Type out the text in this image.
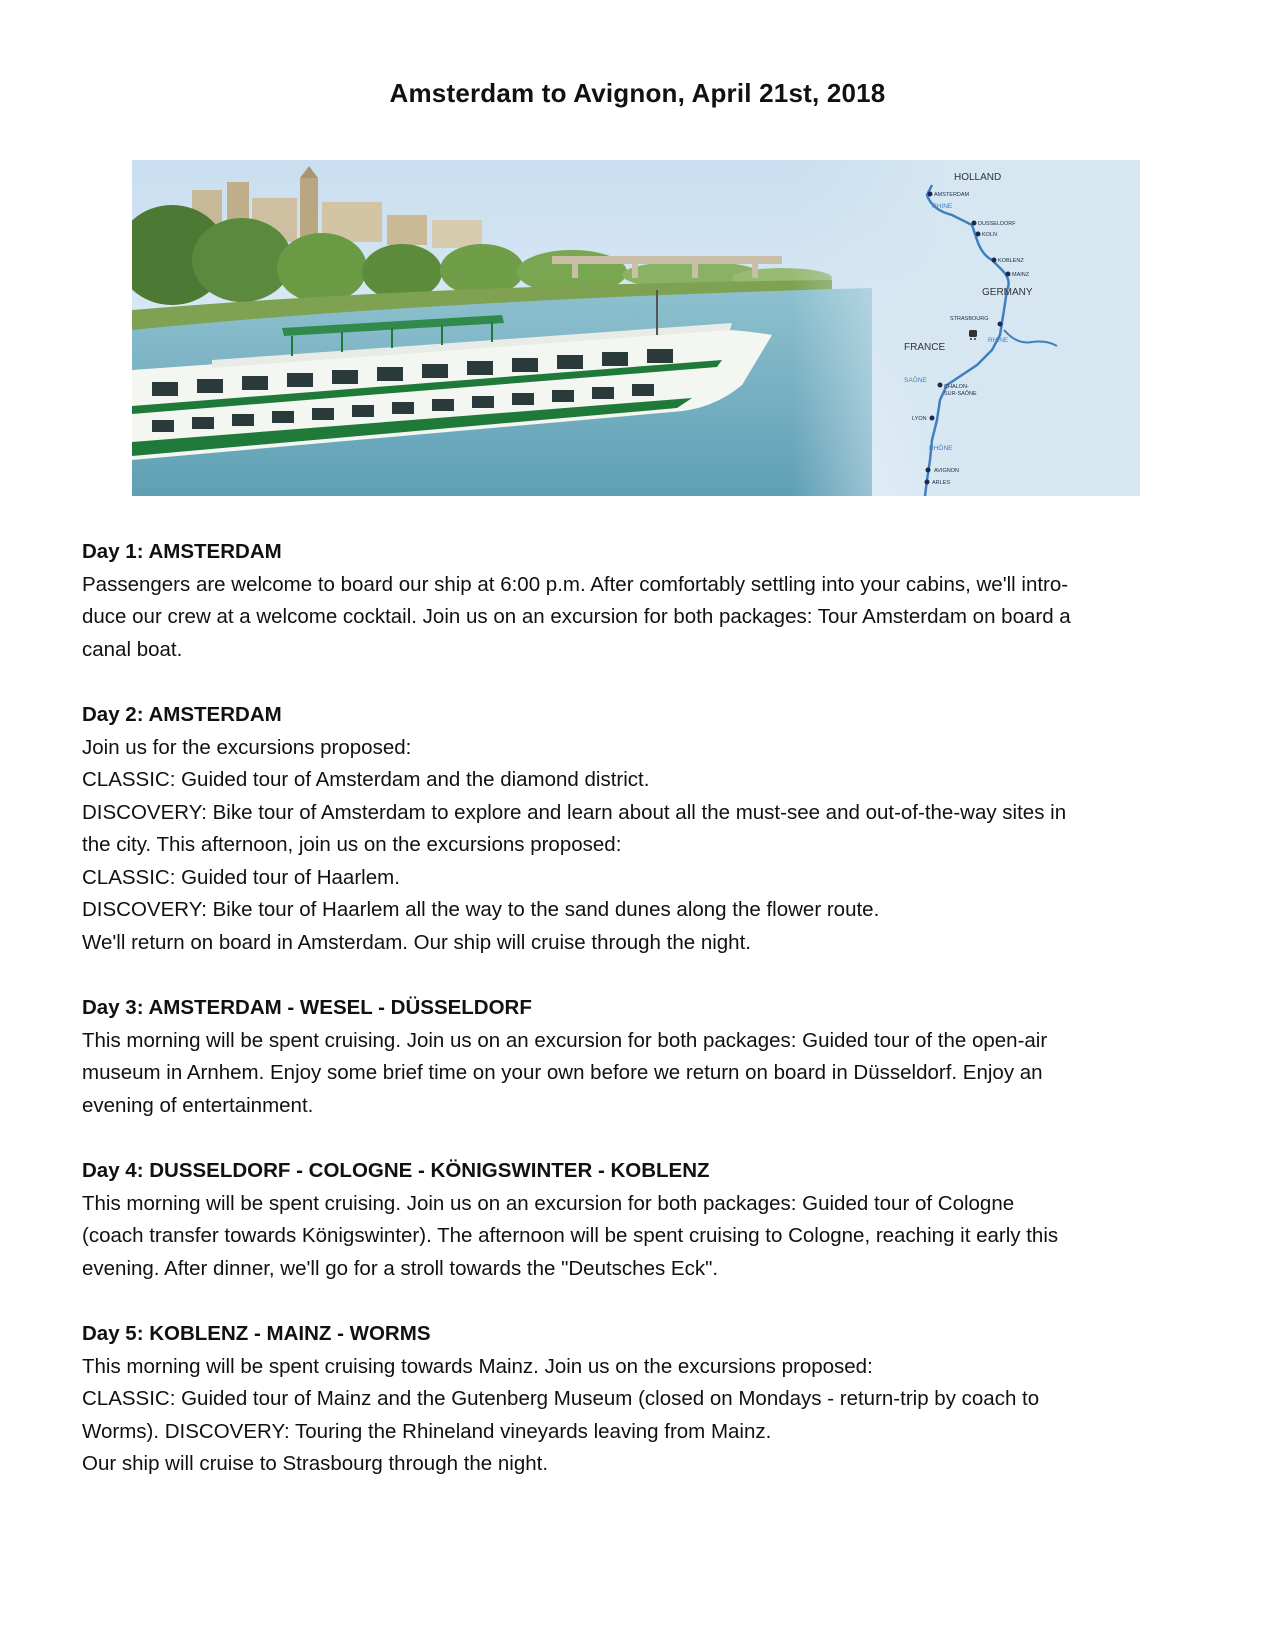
Amsterdam to Avignon, April 21st, 2018
HOLLAND
GERMANY
FRANCE
RHINE
RHINE
SAÔNE
RHÔNE
AMSTERDAM
DUSSELDORF
KOLN
KOBLENZ
MAINZ
STRASBOURG
CHALON-
SUR-SAÔNE
LYON
AVIGNON
ARLES
Day 1: AMSTERDAM

Passengers are welcome to board our ship at 6:00 p.m. After comfortably settling into your cabins, we'll intro-

duce our crew at a welcome cocktail. Join us on an excursion for both packages: Tour Amsterdam on board a

canal boat.

Day 2: AMSTERDAM

Join us for the excursions proposed:

CLASSIC: Guided tour of Amsterdam and the diamond district.

DISCOVERY: Bike tour of Amsterdam to explore and learn about all the must-see and out-of-the-way sites in

the city. This afternoon, join us on the excursions proposed:

CLASSIC: Guided tour of Haarlem.

DISCOVERY: Bike tour of Haarlem all the way to the sand dunes along the flower route.

We'll return on board in Amsterdam. Our ship will cruise through the night.

Day 3: AMSTERDAM - WESEL - DÜSSELDORF

This morning will be spent cruising. Join us on an excursion for both packages: Guided tour of the open-air

museum in Arnhem. Enjoy some brief time on your own before we return on board in Düsseldorf. Enjoy an

evening of entertainment.

Day 4: DUSSELDORF - COLOGNE - KÖNIGSWINTER - KOBLENZ

This morning will be spent cruising. Join us on an excursion for both packages: Guided tour of Cologne

(coach transfer towards Königswinter). The afternoon will be spent cruising to Cologne, reaching it early this

evening. After dinner, we'll go for a stroll towards the "Deutsches Eck".

Day 5: KOBLENZ - MAINZ - WORMS

This morning will be spent cruising towards Mainz. Join us on the excursions proposed:

CLASSIC: Guided tour of Mainz and the Gutenberg Museum (closed on Mondays - return-trip by coach to

Worms). DISCOVERY: Touring the Rhineland vineyards leaving from Mainz.

Our ship will cruise to Strasbourg through the night.
